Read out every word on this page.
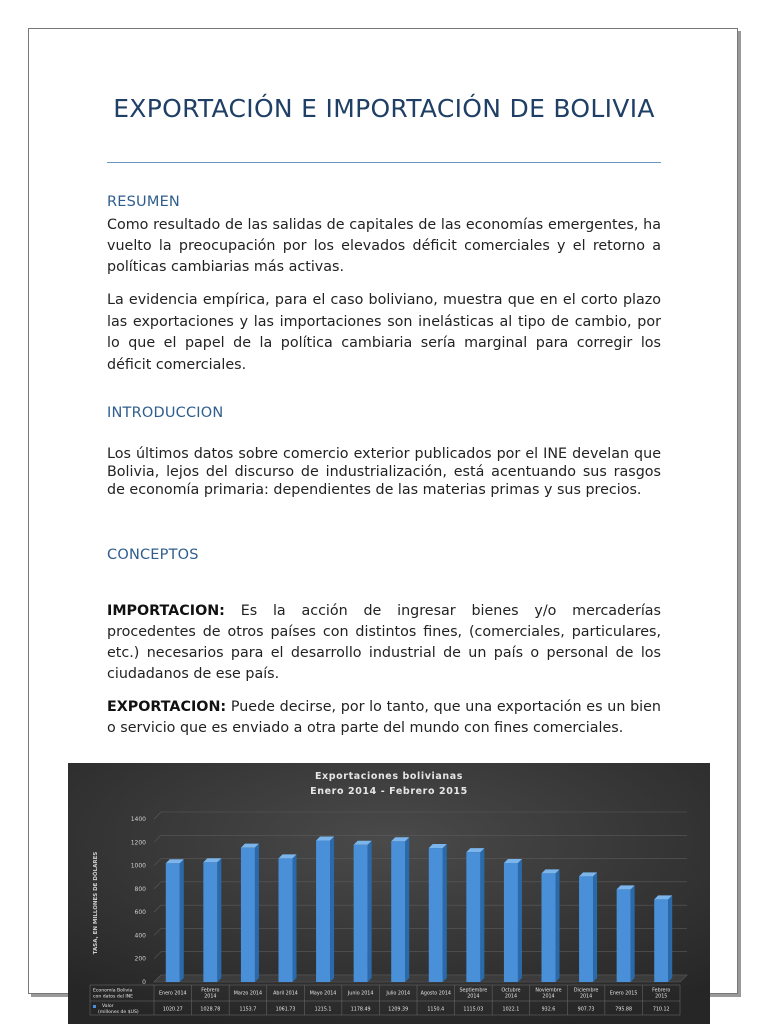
EXPORTACIÓN E IMPORTACIÓN DE BOLIVIA
RESUMEN
Como resultado de las salidas de capitales de las economías emergentes, ha vuelto la preocupación por los elevados déficit comerciales y el retorno a políticas cambiarias más activas.
La evidencia empírica, para el caso boliviano, muestra que en el corto plazo las exportaciones y las importaciones son inelásticas al tipo de cambio, por lo que el papel de la política cambiaria sería marginal para corregir los déficit comerciales.
INTRODUCCION
Los últimos datos sobre comercio exterior publicados por el INE develan que Bolivia, lejos del discurso de industrialización, está acentuando sus rasgos de economía primaria: dependientes de las materias primas y sus precios.
CONCEPTOS
IMPORTACION: Es la acción de ingresar bienes y/o mercaderías procedentes de otros países con distintos fines, (comerciales, particulares, etc.) necesarios para el desarrollo industrial de un país o personal de los ciudadanos de ese país.
EXPORTACION: Puede decirse, por lo tanto, que una exportación es un bien o servicio que es enviado a otra parte del mundo con fines comerciales.
Exportaciones bolivianas
Enero 2014 - Febrero 2015
TASA, EN MILLONES DE DÓLARES
0
200
400
600
800
1000
1200
1400
Economía Bolivia con datos del INE
Valor (millones de $US)
Enero 2014
1020.27
Febrero 2014
1028.78
Marzo 2014
1153.7
Abril 2014
1061.73
Mayo 2014
1215.1
Junio 2014
1178.49
Julio 2014
1209.39
Agosto 2014
1150.4
Septiembre 2014
1115.03
Octubre 2014
1022.1
Noviembre 2014
932.6
Diciembre 2014
907.73
Enero 2015
795.88
Febrero 2015
710.12
